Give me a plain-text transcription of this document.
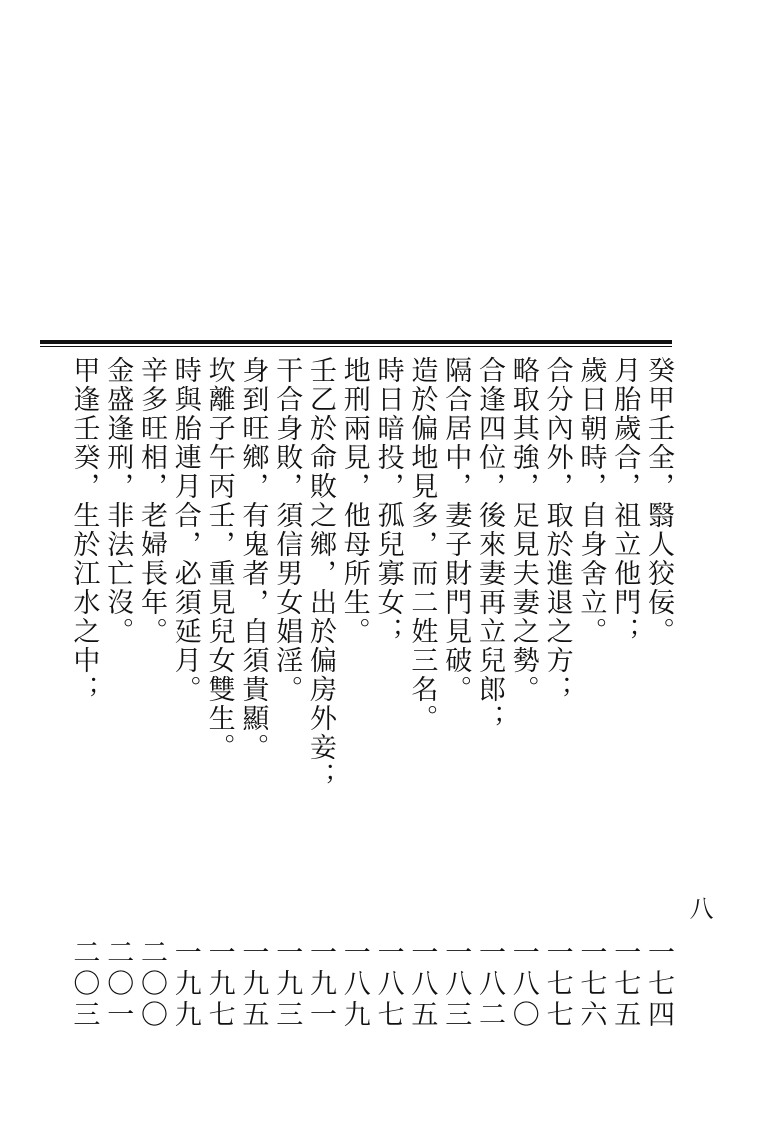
癸甲壬全，翳人狡佞。
一七四
月胎歲合，祖立他門；
一七五
歲日朝時，自身舍立。
一七六
合分內外，取於進退之方；
一七七
略取其強，足見夫妻之勢。
一八〇
合逢四位，後來妻再立兒郎；
一八二
隔合居中，妻子財門見破。
一八三
造於偏地見多，而二姓三名。
一八五
時日暗投，孤兒寡女；
一八七
地刑兩見，他母所生。
一八九
壬乙於命敗之鄉，出於偏房外妾；
一九一
干合身敗，須信男女娼淫。
一九三
身到旺鄉，有鬼者，自須貴顯。
一九五
坎離子午丙壬，重見兒女雙生。
一九七
時與胎連月合，必須延月。
一九九
辛多旺相，老婦長年。
二〇〇
金盛逢刑，非法亡沒。
二〇一
甲逢壬癸，生於江水之中；
二〇三
八
